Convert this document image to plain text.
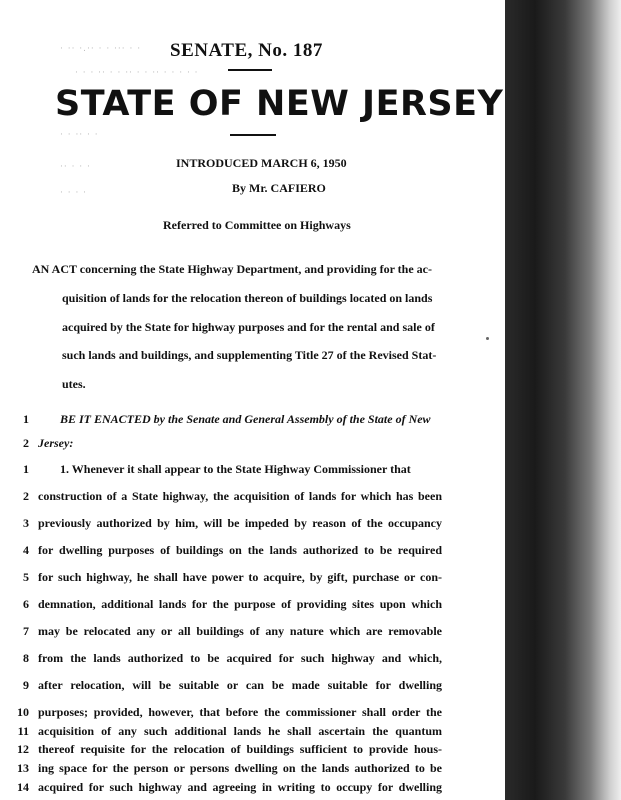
· ·· ·.·· · · ··· · ·
· · · ·· · · ·· · · ·· · · · · ·
· · ·· · ·
·· · · ·
· · · ·
SENATE, No. 187
STATE OF NEW JERSEY
INTRODUCED MARCH 6, 1950
By Mr. CAFIERO
Referred to Committee on Highways
AN ACT concerning the State Highway Department, and providing for the ac-
quisition of lands for the relocation thereon of buildings located on lands
acquired by the State for highway purposes and for the rental and sale of
such lands and buildings, and supplementing Title 27 of the Revised Stat-
utes.
1	BE IT ENACTED by the Senate and General Assembly of the State of New
2 Jersey:
1	1. Whenever it shall appear to the State Highway Commissioner that
2 construction of a State highway, the acquisition of lands for which has been
3 previously authorized by him, will be impeded by reason of the occupancy
4 for dwelling purposes of buildings on the lands authorized to be required
5 for such highway, he shall have power to acquire, by gift, purchase or con-
6 demnation, additional lands for the purpose of providing sites upon which
7 may be relocated any or all buildings of any nature which are removable
8 from the lands authorized to be acquired for such highway and which,
9 after relocation, will be suitable or can be made suitable for dwelling
10 purposes; provided, however, that before the commissioner shall order the
11 acquisition of any such additional lands he shall ascertain the quantum
12 thereof requisite for the relocation of buildings sufficient to provide hous-
13 ing space for the person or persons dwelling on the lands authorized to be
14 acquired for such highway and agreeing in writing to occupy for dwelling
